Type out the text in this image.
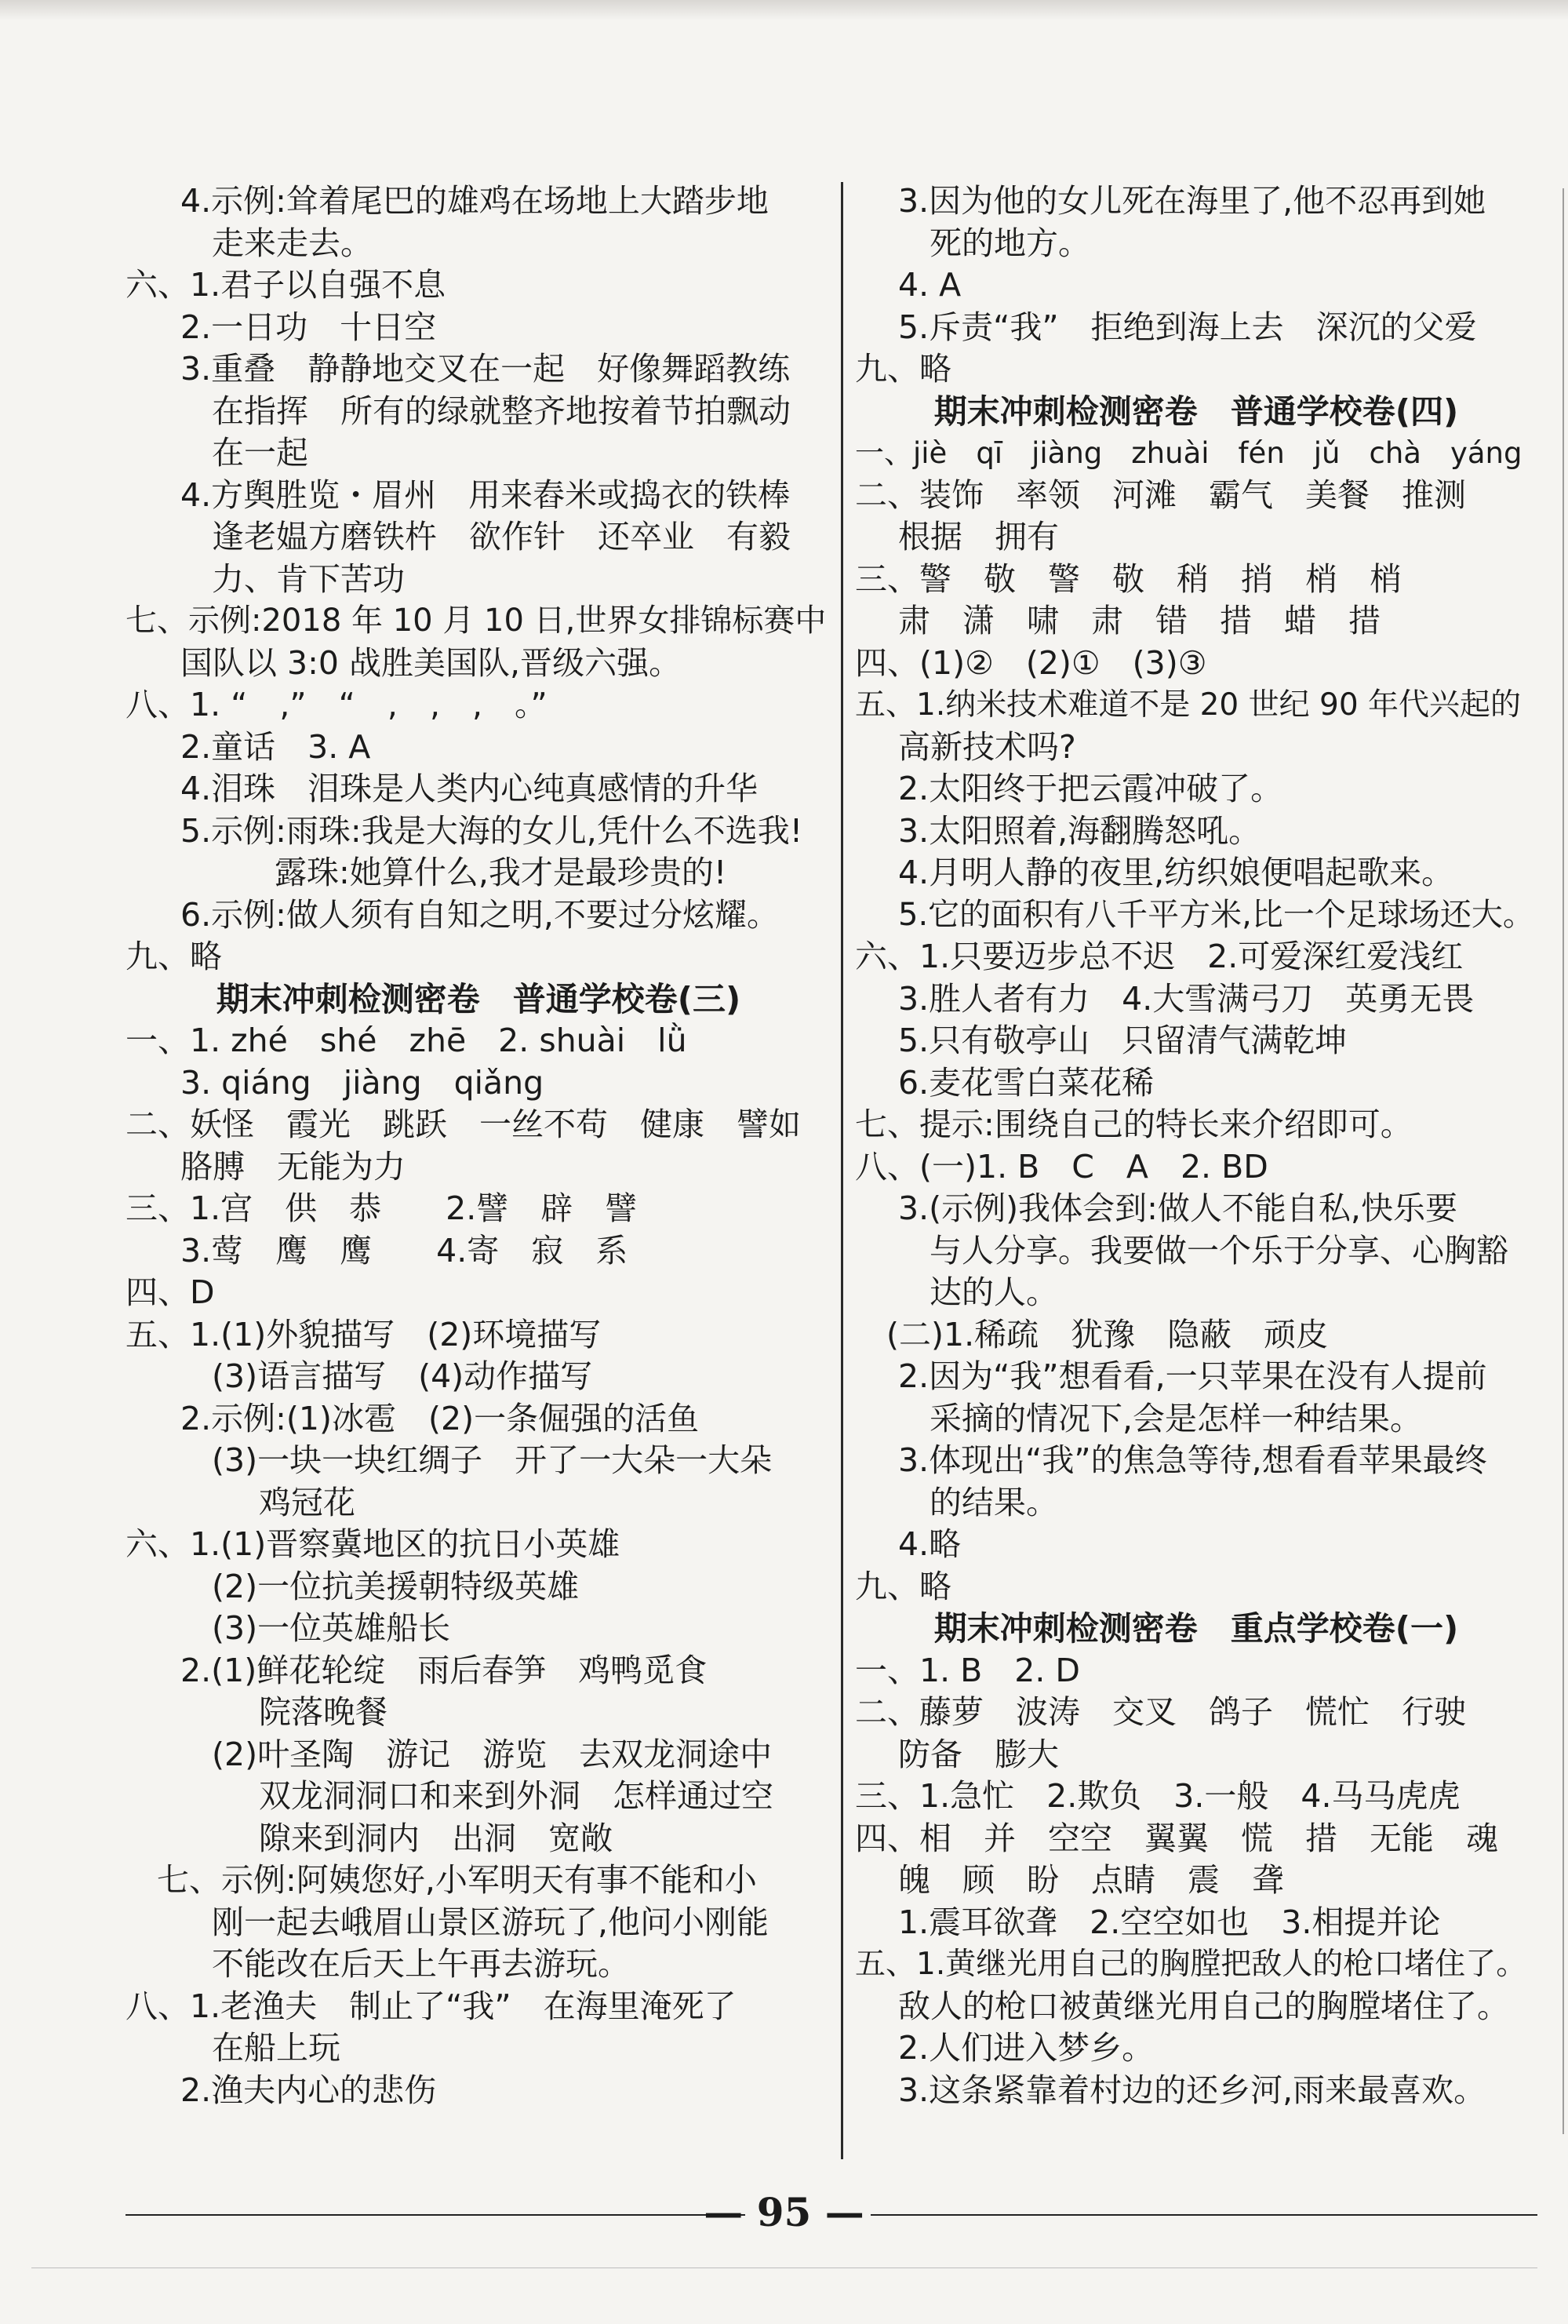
4.示例:耸着尾巴的雄鸡在场地上大踏步地
走来走去。
六、1.君子以自强不息
2.一日功　十日空
3.重叠　静静地交叉在一起　好像舞蹈教练
在指挥　所有的绿就整齐地按着节拍飘动
在一起
4.方舆胜览・眉州　用来舂米或捣衣的铁棒
逢老媪方磨铁杵　欲作针　还卒业　有毅
力、肯下苦功
七、示例:2018 年 10 月 10 日,世界女排锦标赛中
国队以 3:0 战胜美国队,晋级六强。
八、1. “　,”　“　,　,　,　。”
2.童话　3. A
4.泪珠　泪珠是人类内心纯真感情的升华
5.示例:雨珠:我是大海的女儿,凭什么不选我!
露珠:她算什么,我才是最珍贵的!
6.示例:做人须有自知之明,不要过分炫耀。
九、略
期末冲刺检测密卷　普通学校卷(三)
一、1. zhé　shé　zhē　2. shuài　lǜ
3. qiáng　jiàng　qiǎng
二、妖怪　霞光　跳跃　一丝不苟　健康　譬如
胳膊　无能为力
三、1.宫　供　恭　　2.譬　辟　譬
3.莺　鹰　鹰　　4.寄　寂　系
四、D
五、1.(1)外貌描写　(2)环境描写
(3)语言描写　(4)动作描写
2.示例:(1)冰雹　(2)一条倔强的活鱼
(3)一块一块红绸子　开了一大朵一大朵
鸡冠花
六、1.(1)晋察冀地区的抗日小英雄
(2)一位抗美援朝特级英雄
(3)一位英雄船长
2.(1)鲜花轮绽　雨后春笋　鸡鸭觅食
院落晚餐
(2)叶圣陶　游记　游览　去双龙洞途中
双龙洞洞口和来到外洞　怎样通过空
隙来到洞内　出洞　宽敞
七、示例:阿姨您好,小军明天有事不能和小
刚一起去峨眉山景区游玩了,他问小刚能
不能改在后天上午再去游玩。
八、1.老渔夫　制止了“我”　在海里淹死了
在船上玩
2.渔夫内心的悲伤
3.因为他的女儿死在海里了,他不忍再到她
死的地方。
4. A
5.斥责“我”　拒绝到海上去　深沉的父爱
九、略
期末冲刺检测密卷　普通学校卷(四)
一、jiè　qī　jiàng　zhuài　fén　jǔ　chà　yáng
二、装饰　率领　河滩　霸气　美餐　推测
根据　拥有
三、警　敬　警　敬　稍　捎　梢　梢
肃　潇　啸　肃　错　措　蜡　措
四、(1)②　(2)①　(3)③
五、1.纳米技术难道不是 20 世纪 90 年代兴起的
高新技术吗?
2.太阳终于把云霞冲破了。
3.太阳照着,海翻腾怒吼。
4.月明人静的夜里,纺织娘便唱起歌来。
5.它的面积有八千平方米,比一个足球场还大。
六、1.只要迈步总不迟　2.可爱深红爱浅红
3.胜人者有力　4.大雪满弓刀　英勇无畏
5.只有敬亭山　只留清气满乾坤
6.麦花雪白菜花稀
七、提示:围绕自己的特长来介绍即可。
八、(一)1. B　C　A　2. BD
3.(示例)我体会到:做人不能自私,快乐要
与人分享。我要做一个乐于分享、心胸豁
达的人。
(二)1.稀疏　犹豫　隐蔽　顽皮
2.因为“我”想看看,一只苹果在没有人提前
采摘的情况下,会是怎样一种结果。
3.体现出“我”的焦急等待,想看看苹果最终
的结果。
4.略
九、略
期末冲刺检测密卷　重点学校卷(一)
一、1. B　2. D
二、藤萝　波涛　交叉　鸽子　慌忙　行驶
防备　膨大
三、1.急忙　2.欺负　3.一般　4.马马虎虎
四、相　并　空空　翼翼　慌　措　无能　魂
魄　顾　盼　点睛　震　聋
1.震耳欲聋　2.空空如也　3.相提并论
五、1.黄继光用自己的胸膛把敌人的枪口堵住了。
敌人的枪口被黄继光用自己的胸膛堵住了。
2.人们进入梦乡。
3.这条紧靠着村边的还乡河,雨来最喜欢。
— 95 —
